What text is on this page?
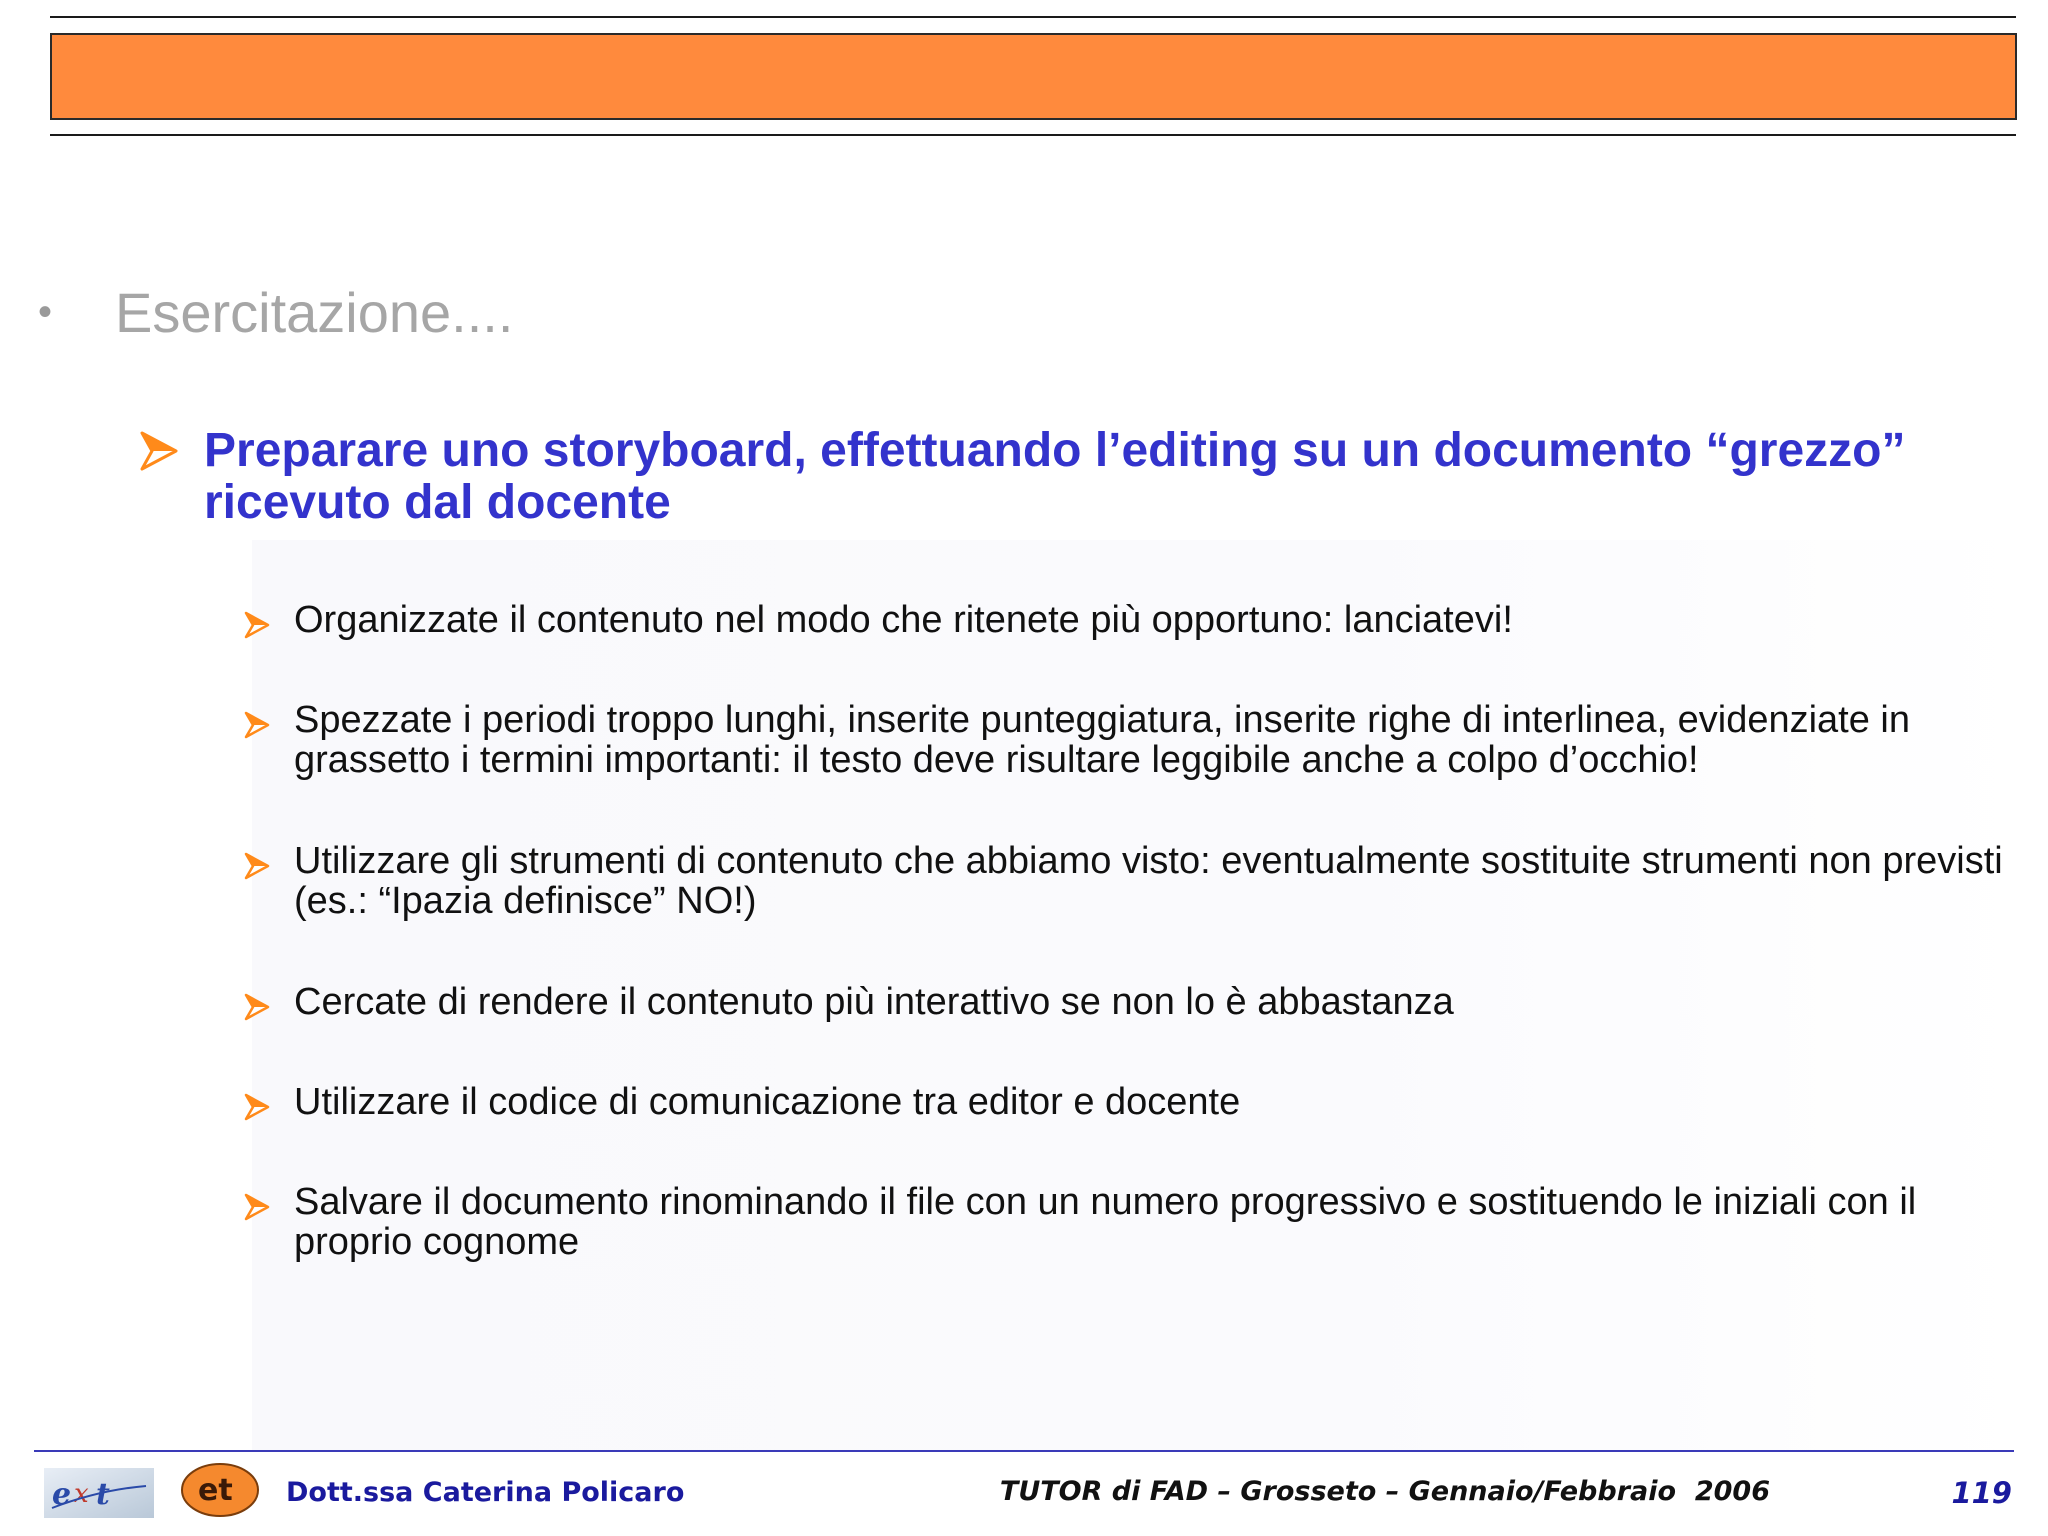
• Esercitazione....
Preparare uno storyboard, effettuando l’editing su un documento “grezzo” ricevuto dal docente
Organizzate il contenuto nel modo che ritenete più opportuno: lanciatevi!
Spezzate i periodi troppo lunghi, inserite punteggiatura, inserite righe di interlinea, evidenziate in grassetto i termini importanti: il testo deve risultare leggibile anche a colpo d’occhio!
Utilizzare gli strumenti di contenuto che abbiamo visto: eventualmente sostituite strumenti non previsti (es.: “Ipazia definisce” NO!)
Cercate di rendere il contenuto più interattivo se non lo è abbastanza
Utilizzare il codice di comunicazione tra editor e docente
Salvare il documento rinominando il file con un numero progressivo e sostituendo le iniziali con il proprio cognome
e x t	et Dott.ssa Caterina Policaro	TUTOR di FAD – Grosseto – Gennaio/Febbraio  2006	119
